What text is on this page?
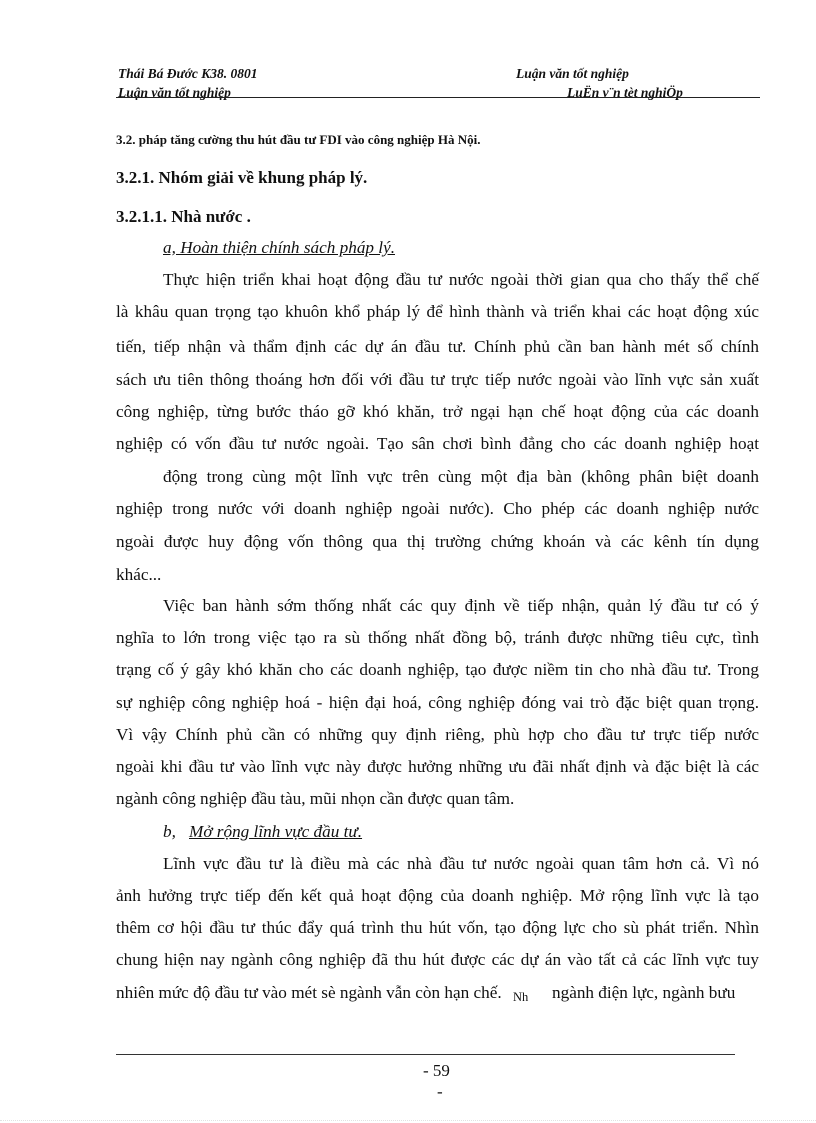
Thái Bá Đước K38. 0801	Luận văn tốt nghiệp
Luận văn tốt nghiệp	LuËn v¨n tèt nghiÖp
3.2. pháp tăng cường thu hút đầu tư FDI vào công nghiệp Hà Nội.
3.2.1. Nhóm giải về khung pháp lý.
3.2.1.1. Nhà nước .
a, Hoàn thiện chính sách pháp lý.
Thực hiện triển khai hoạt động đầu tư nước ngoài thời gian qua cho thấy thể chế
là khâu quan trọng tạo khuôn khổ pháp lý để hình thành và triển khai các hoạt động xúc
tiến, tiếp nhận và thẩm định các dự án đầu tư. Chính phủ cần ban hành mét số chính
sách ưu tiên thông thoáng hơn đối với đầu tư trực tiếp nước ngoài vào lĩnh vực sản xuất
công nghiệp, từng bước tháo gỡ khó khăn, trở ngại hạn chế hoạt động của các doanh
nghiệp có vốn đầu tư nước ngoài. Tạo sân chơi bình đẳng cho các doanh nghiệp hoạt
động trong cùng một lĩnh vực trên cùng một địa bàn (không phân biệt doanh
nghiệp trong nước với doanh nghiệp ngoài nước). Cho phép các doanh nghiệp nước
ngoài được huy động vốn thông qua thị trường chứng khoán và các kênh tín dụng
khác...
Việc ban hành sớm thống nhất các quy định về tiếp nhận, quản lý đầu tư có ý
nghĩa to lớn trong việc tạo ra sù thống nhất đồng bộ, tránh được những tiêu cực, tình
trạng cố ý gây khó khăn cho các doanh nghiệp, tạo được niềm tin cho nhà đầu tư. Trong
sự nghiệp công nghiệp hoá - hiện đại hoá, công nghiệp đóng vai trò đặc biệt quan trọng.
Vì vậy Chính phủ cần có những quy định riêng, phù hợp cho đầu tư trực tiếp nước
ngoài khi đầu tư vào lĩnh vực này được hưởng những ưu đãi nhất định và đặc biệt là các
ngành công nghiệp đầu tàu, mũi nhọn cần được quan tâm.
b, Mở rộng lĩnh vực đầu tư.
Lĩnh vực đầu tư là điều mà các nhà đầu tư nước ngoài quan tâm hơn cả. Vì nó
ảnh hưởng trực tiếp đến kết quả hoạt động của doanh nghiệp. Mở rộng lĩnh vực là tạo
thêm cơ hội đầu tư thúc đẩy quá trình thu hút vốn, tạo động lực cho sù phát triển. Nhìn
chung hiện nay ngành công nghiệp đã thu hút được các dự án vào tất cả các lĩnh vực tuy
nhiên mức độ đầu tư vào mét sè ngành vẫn còn hạn chế. Nh ngành điện lực, ngành bưu
- 59
-
